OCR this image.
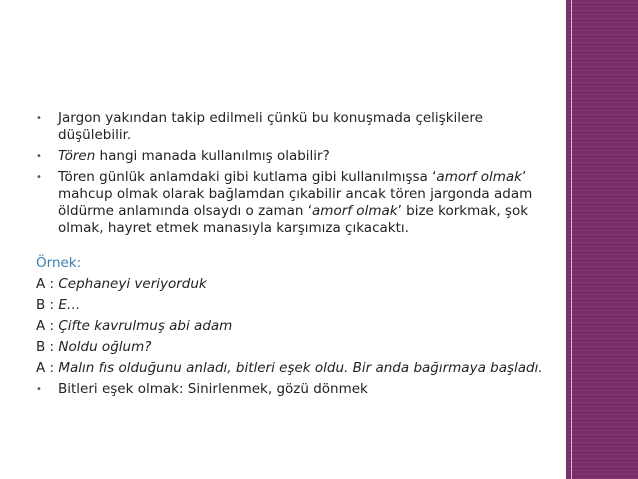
• Jargon yakından takip edilmeli çünkü bu konuşmada çelişkilere düşülebilir.
• Tören hangi manada kullanılmış olabilir?
• Tören günlük anlamdaki gibi kutlama gibi kullanılmışsa ‘amorf olmak’ mahcup olmak olarak bağlamdan çıkabilir ancak tören jargonda adam öldürme anlamında olsaydı o zaman ‘amorf olmak’ bize korkmak, şok olmak, hayret etmek manasıyla karşımıza çıkacaktı.
Örnek:
A : Cephaneyi veriyorduk
B : E…
A : Çifte kavrulmuş abi adam
B : Noldu oğlum?
A : Malın fıs olduğunu anladı, bitleri eşek oldu. Bir anda bağırmaya başladı.
• Bitleri eşek olmak: Sinirlenmek, gözü dönmek
